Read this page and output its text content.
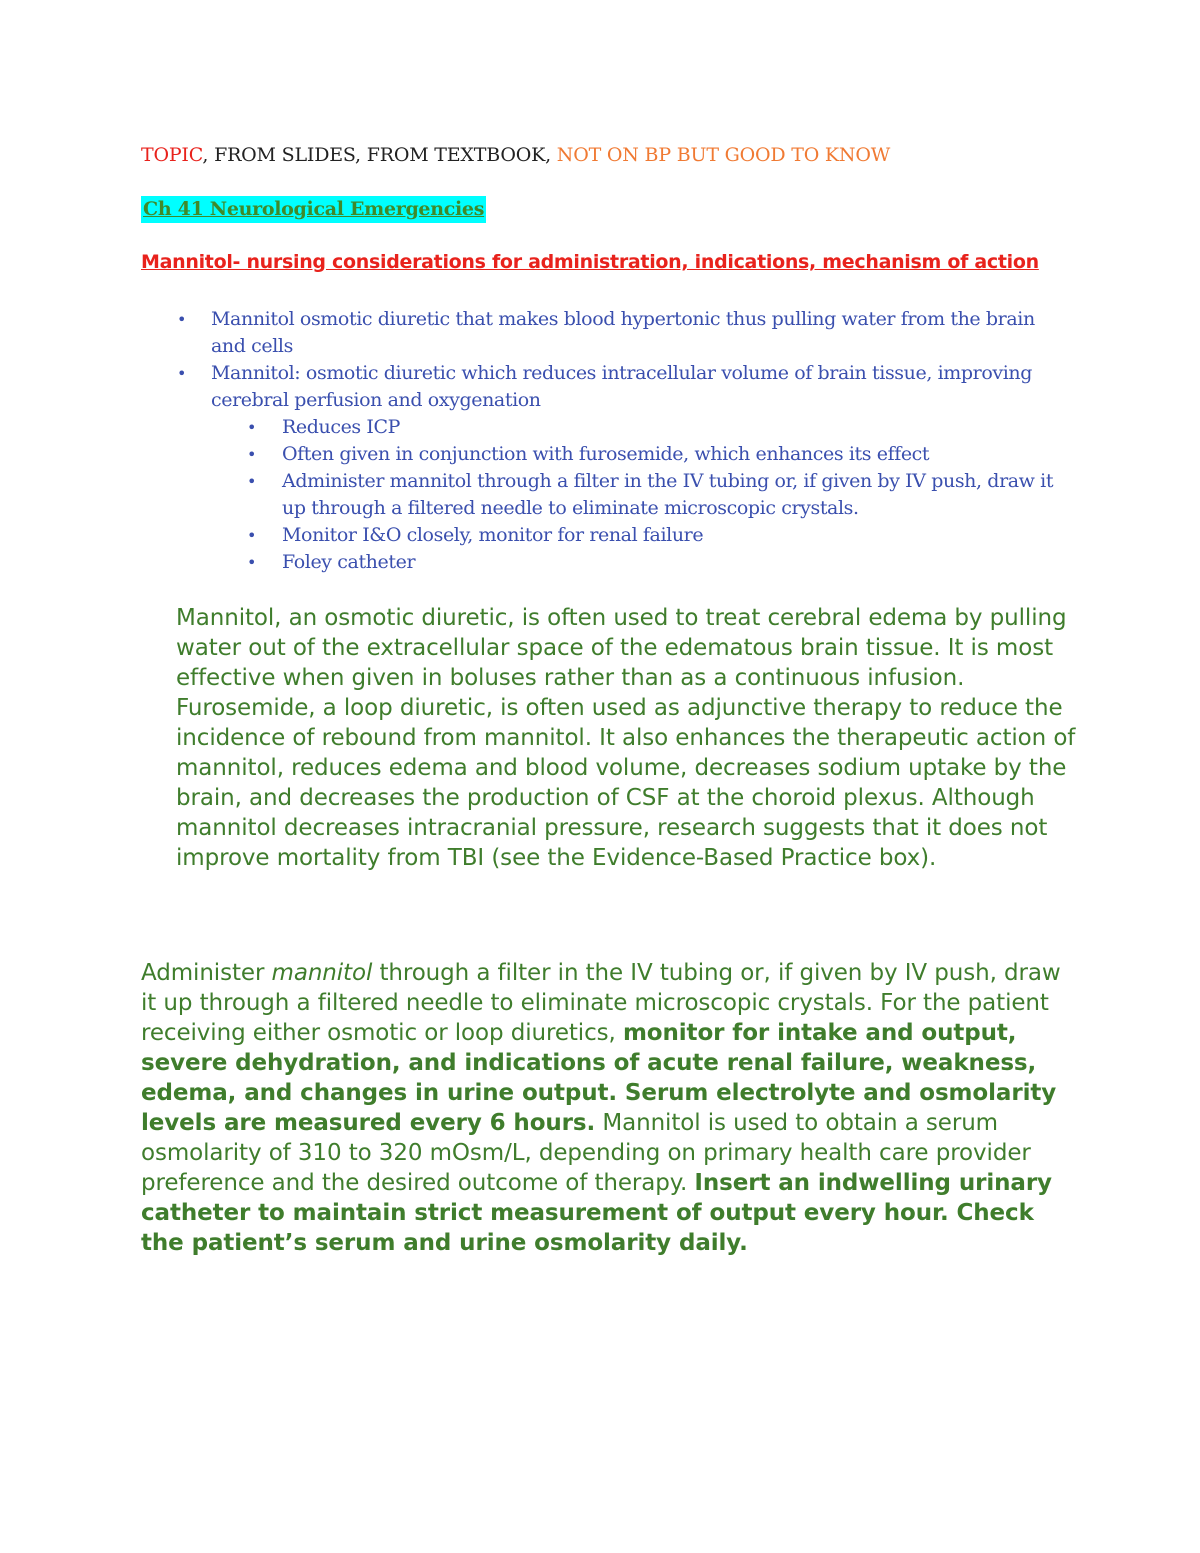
TOPIC, FROM SLIDES, FROM TEXTBOOK, NOT ON BP BUT GOOD TO KNOW
Ch 41 Neurological Emergencies
Mannitol- nursing considerations for administration, indications, mechanism of action
• Mannitol osmotic diuretic that makes blood hypertonic thus pulling water from the brain and cells
• Mannitol: osmotic diuretic which reduces intracellular volume of brain tissue, improving cerebral perfusion and oxygenation
• Reduces ICP
• Often given in conjunction with furosemide, which enhances its effect
• Administer mannitol through a filter in the IV tubing or, if given by IV push, draw it up through a filtered needle to eliminate microscopic crystals.
• Monitor I&O closely, monitor for renal failure
• Foley catheter

Mannitol, an osmotic diuretic, is often used to treat cerebral edema by pulling water out of the extracellular space of the edematous brain tissue. It is most effective when given in boluses rather than as a continuous infusion. Furosemide, a loop diuretic, is often used as adjunctive therapy to reduce the incidence of rebound from mannitol. It also enhances the therapeutic action of mannitol, reduces edema and blood volume, decreases sodium uptake by the brain, and decreases the production of CSF at the choroid plexus. Although mannitol decreases intracranial pressure, research suggests that it does not improve mortality from TBI (see the Evidence-Based Practice box).

Administer mannitol through a filter in the IV tubing or, if given by IV push, draw it up through a filtered needle to eliminate microscopic crystals. For the patient receiving either osmotic or loop diuretics, monitor for intake and output, severe dehydration, and indications of acute renal failure, weakness, edema, and changes in urine output. Serum electrolyte and osmolarity levels are measured every 6 hours. Mannitol is used to obtain a serum osmolarity of 310 to 320 mOsm/L, depending on primary health care provider preference and the desired outcome of therapy. Insert an indwelling urinary catheter to maintain strict measurement of output every hour. Check the patient’s serum and urine osmolarity daily.
